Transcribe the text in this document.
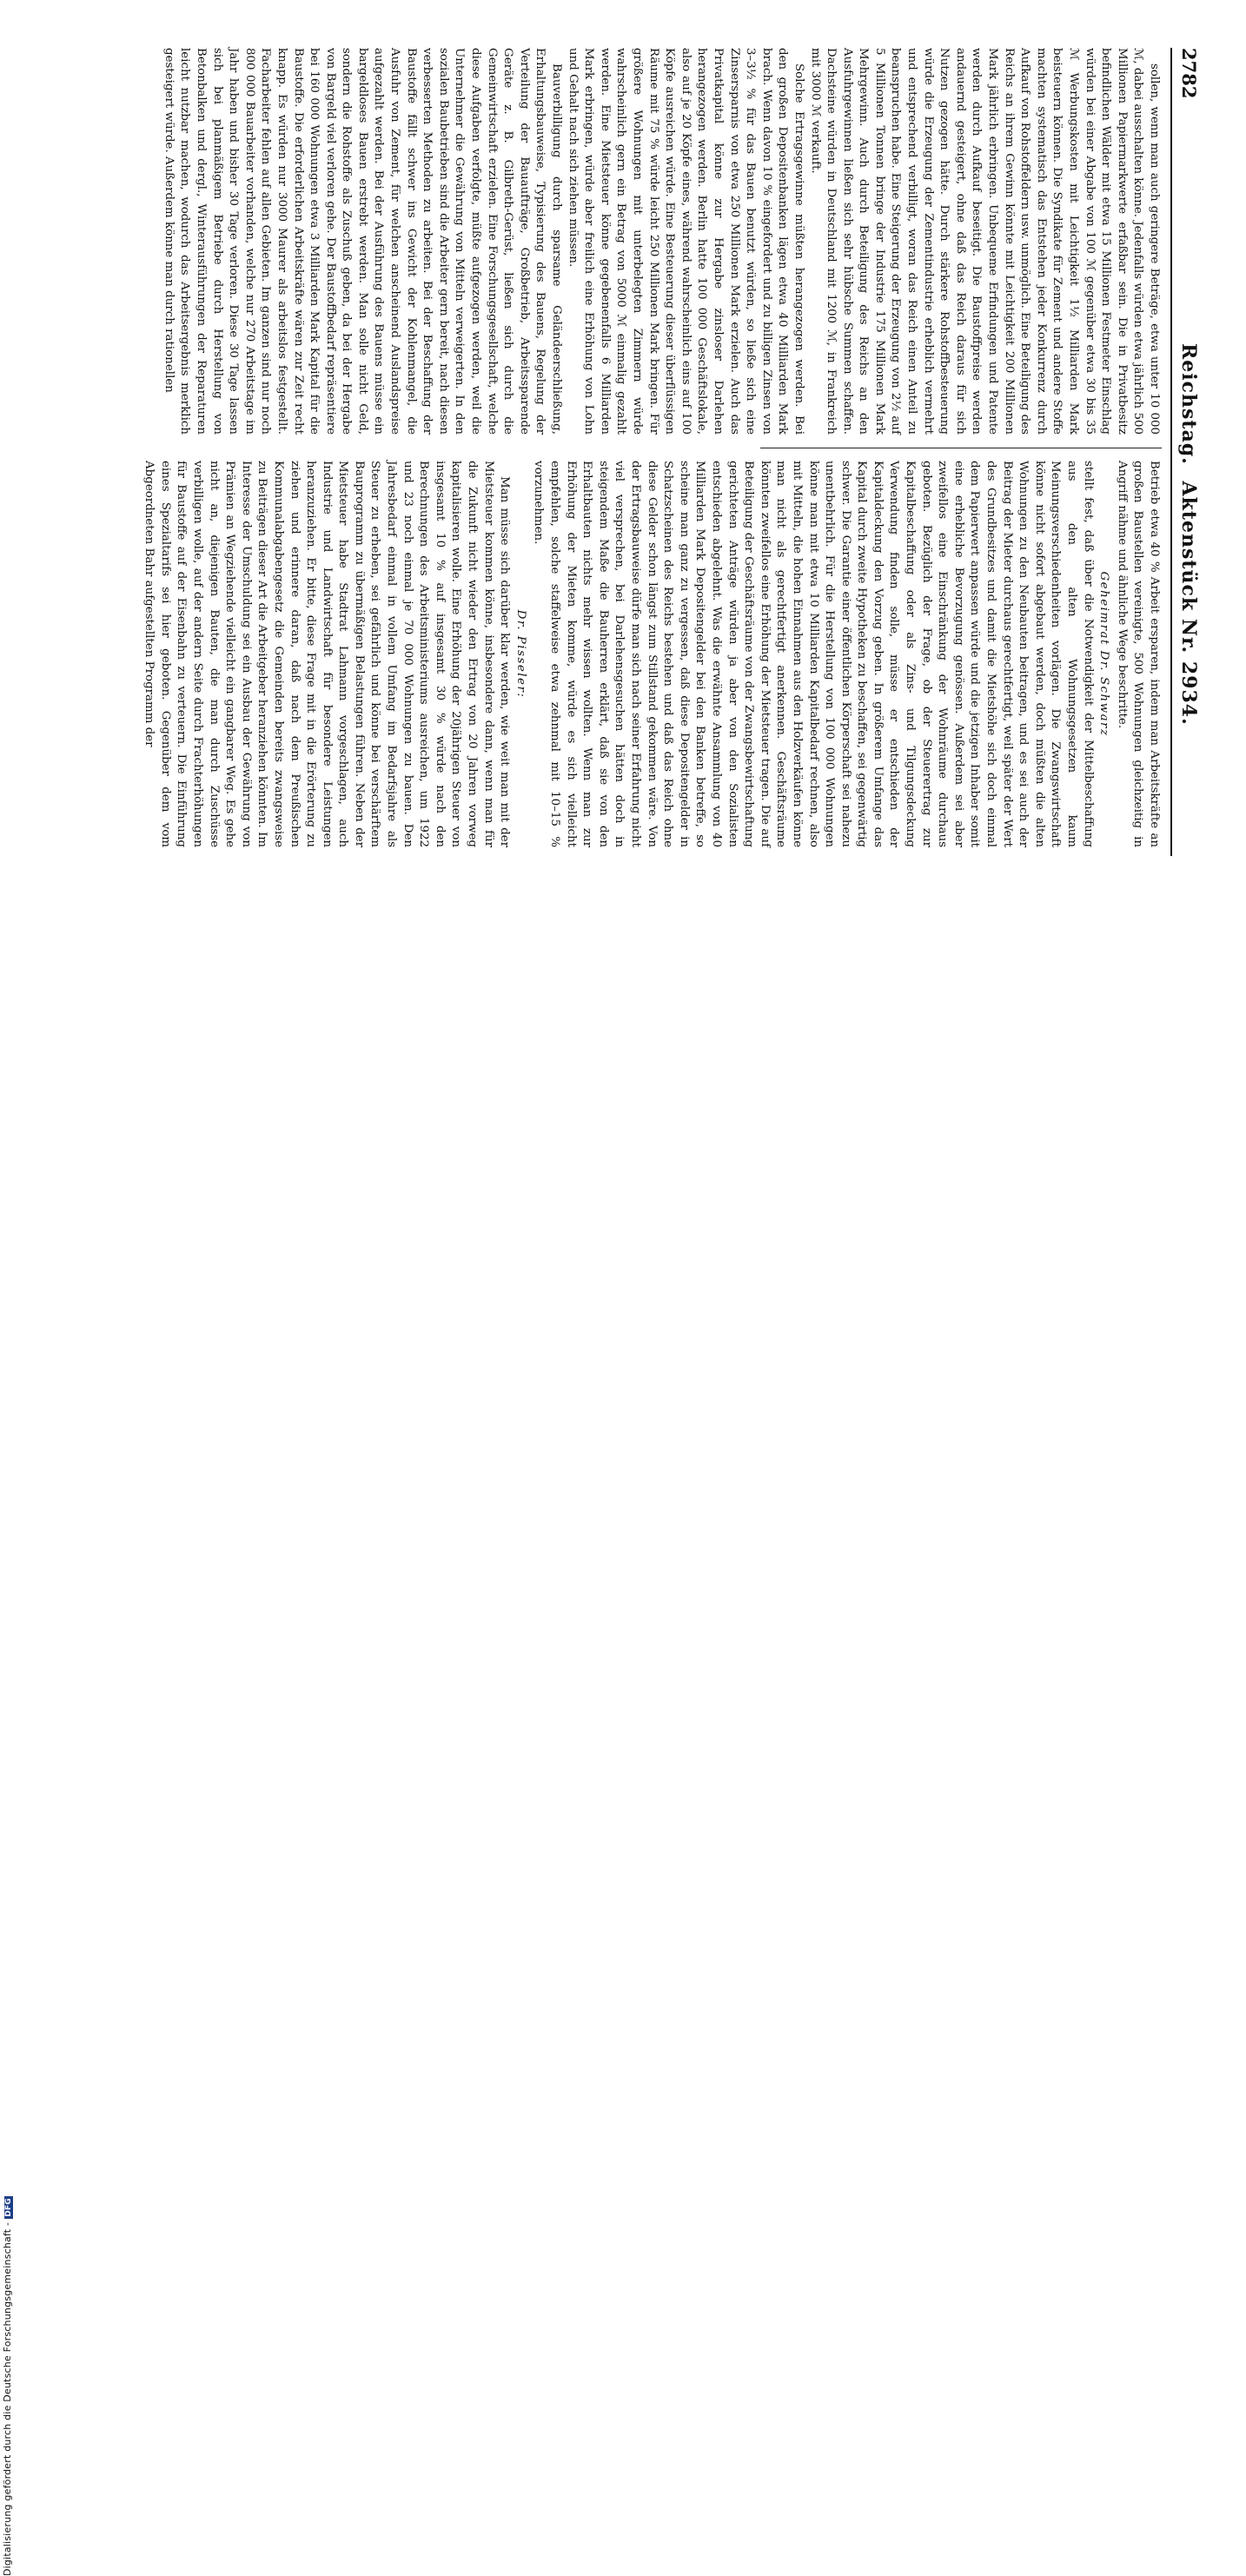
2782
Reichstag. Aktenstück Nr. 2934.

sollen, wenn man auch geringere Beträge, etwa unter 10 000 ℳ, dabei ausschalten könne. Jedenfalls würden etwa jährlich 500 Millionen Papiermarkwerte erfaßbar sein. Die in Privatbesitz befindlichen Wälder mit etwa 15 Millionen Festmeter Einschlag würden bei einer Abgabe von 100 ℳ gegenüber etwa 30 bis 35 ℳ Werbungskosten mit Leichtigkeit 1½ Milliarden Mark beisteuern können. Die Syndikate für Zement und andere Stoffe machten systematisch das Entstehen jeder Konkurrenz durch Aufkauf von Rohstoffeldern usw. unmöglich. Eine Beteiligung des Reichs an ihrem Gewinn könnte mit Leichtigkeit 200 Millionen Mark jährlich erbringen. Unbequeme Erfindungen und Patente werden durch Aufkauf beseitigt. Die Baustoffpreise werden andauernd gesteigert, ohne daß das Reich daraus für sich Nutzen gezogen hätte. Durch stärkere Rohstoffbesteuerung würde die Erzeugung der Zementindustrie erheblich vermehrt und entsprechend verbilligt, woran das Reich einen Anteil zu beanspruchen habe. Eine Steigerung der Erzeugung von 2½ auf 5 Millionen Tonnen bringe der Industrie 175 Millionen Mark Mehrgewinn. Auch durch Beteiligung des Reichs an den Ausfuhrgewinnen ließen sich sehr hübsche Summen schaffen. Dachsteine würden in Deutschland mit 1200 ℳ, in Frankreich mit 3000 ℳ verkauft.

Solche Ertragsgewinne müßten herangezogen werden. Bei den großen Depositenbanken lägen etwa 40 Milliarden Mark brach. Wenn davon 10 % eingefordert und zu billigen Zinsen von 3–3½ % für das Bauen benutzt würden, so ließe sich eine Zinsersparnis von etwa 250 Millionen Mark erzielen. Auch das Privatkapital könne zur Hergabe zinsloser Darlehen herangezogen werden. Berlin hatte 100 000 Geschäftslokale, also auf je 20 Köpfe eines, während wahrscheinlich eins auf 100 Köpfe ausreichen würde. Eine Besteuerung dieser überflüssigen Räume mit 75 % würde leicht 250 Millionen Mark bringen. Für größere Wohnungen mit unterbelegten Zimmern würde wahrscheinlich gern ein Betrag von 5000 ℳ einmalig gezahlt werden. Eine Mietsteuer könne gegebenenfalls 6 Milliarden Mark erbringen, würde aber freilich eine Erhöhung von Lohn und Gehalt nach sich ziehen müssen.

Bauverbilligung durch sparsame Geländeerschließung, Erhaltungsbauweise, Typisierung des Bauens, Regelung der Verteilung der Bauaufträge, Großbetrieb, Arbeitssparende Geräte z. B. Gilbreth-Gerüst, ließen sich durch die Gemeinwirtschaft erzielen. Eine Forschungsgesellschaft, welche diese Aufgaben verfolgte, müßte aufgezogen werden, weil die Unternehmer die Gewährung von Mitteln verweigerten. In den sozialen Baubetrieben sind die Arbeiter gern bereit, nach diesen verbesserten Methoden zu arbeiten. Bei der Beschaffung der Baustoffe fällt schwer ins Gewicht der Kohlenmangel, die Ausfuhr von Zement, für welchen anscheinend Auslandspreise aufgezahlt werden. Bei der Ausführung des Bauens müsse ein bargeldloses Bauen erstrebt werden. Man solle nicht Geld, sondern die Rohstoffe als Zuschuß geben, da bei der Hergabe von Bargeld viel verloren gehe. Der Baustoffbedarf repräsentiere bei 160 000 Wohnungen etwa 3 Milliarden Mark Kapital für die Baustoffe. Die erforderlichen Arbeitskräfte wären zur Zeit recht knapp. Es würden nur 3000 Maurer als arbeitslos festgestellt. Facharbeiter fehlen auf allen Gebieten. Im ganzen sind nur noch 800 000 Bauarbeiter vorhanden, welche nur 270 Arbeitstage im Jahr haben und bisher 30 Tage verloren. Diese 30 Tage lassen sich bei planmäßigem Betriebe durch Herstellung von Betonbalken und dergl., Winterausführungen der Reparaturen leicht nutzbar machen, wodurch das Arbeitsergebnis merklich gesteigert würde. Außerdem könne man durch rationellen

Betrieb etwa 40 % Arbeit ersparen, indem man Arbeitskräfte an großen Baustellen vereinigte, 500 Wohnungen gleichzeitig in Angriff nähme und ähnliche Wege beschritte.

Geheimrat Dr. Schwarz

stellt fest, daß über die Notwendigkeit der Mittelbeschaffung aus den alten Wohnungsgesetzen kaum Meinungsverschiedenheiten vorlägen. Die Zwangswirtschaft könne nicht sofort abgebaut werden, doch müßten die alten Wohnungen zu den Neubauten beitragen, und es sei auch der Beitrag der Mieter durchaus gerechtfertigt, weil später der Wert des Grundbesitzes und damit die Mietshöhe sich doch einmal dem Papierwert anpassen würde und die jetzigen Inhaber somit eine erhebliche Bevorzugung genössen. Außerdem sei aber zweifellos eine Einschränkung der Wohnräume durchaus geboten. Bezüglich der Frage, ob der Steuerertrag zur Kapitalbeschaffung oder als Zins- und Tilgungsdeckung Verwendung finden solle, müsse er entschieden der Kapitaldeckung den Vorzug geben. In größerem Umfange das Kapital durch zweite Hypotheken zu beschaffen, sei gegenwärtig schwer. Die Garantie einer öffentlichen Körperschaft sei nahezu unentbehrlich. Für die Herstellung von 100 000 Wohnungen könne man mit etwa 10 Milliarden Kapitalbedarf rechnen, also mit Mitteln, die hohen Einnahmen aus den Holzverkäufen könne man nicht als gerechtfertigt anerkennen. Geschäftsräume könnten zweifellos eine Erhöhung der Mietsteuer tragen. Die auf Beteiligung der Geschäftsräume von der Zwangsbewirtschaftung gerichteten Anträge würden ja aber von den Sozialisten entschieden abgelehnt. Was die erwähnte Ansammlung von 40 Milliarden Mark Depositengelder bei den Banken betreffe, so scheine man ganz zu vergessen, daß diese Depositengelder in Schatzscheinen des Reichs bestehen und daß das Reich ohne diese Gelder schon längst zum Stillstand gekommen wäre. Von der Ertragsbauweise dürfe man sich nach seiner Erfahrung nicht viel versprechen, bei Darlehensgesuchen hätten doch in steigendem Maße die Bauherren erklärt, daß sie von den Erhaltbauten nichts mehr wissen wollten. Wenn man zur Erhöhung der Mieten komme, würde es sich vielleicht empfehlen, solche staffelweise etwa zehnmal mit 10–15 % vorzunehmen.

Dr. Pisseler:

Man müsse sich darüber klar werden, wie weit man mit der Mietsteuer kommen könne, insbesondere dann, wenn man für die Zukunft nicht wieder den Ertrag von 20 Jahren vorweg kapitalisieren wolle. Eine Erhöhung der 20jährigen Steuer von insgesamt 10 % auf insgesamt 30 % würde nach den Berechnungen des Arbeitsministeriums ausreichen, um 1922 und 23 noch einmal je 70 000 Wohnungen zu bauen. Den Jahresbedarf einmal in vollem Umfang im Bedarfsjahre als Steuer zu erheben, sei gefährlich und könne bei verschärftem Bauprogramm zu übermäßigen Belastungen führen. Neben der Mietsteuer habe Stadtrat Lahmann vorgeschlagen, auch Industrie und Landwirtschaft für besondere Leistungen heranzuziehen. Er bitte, diese Frage mit in die Erörterung zu ziehen und erinnere daran, daß nach dem Preußischen Kommunalabgabengesetz die Gemeinden bereits zwangsweise zu Beiträgen dieser Art die Arbeitgeber heranziehen könnten. Im Interesse der Umschuldung sei ein Ausbau der Gewährung von Prämien an Wegziehende vielleicht ein gangbarer Weg. Es gehe nicht an, diejenigen Bauten, die man durch Zuschüsse verbilligen wolle, auf der andern Seite durch Frachterhöhungen für Baustoffe auf der Eisenbahn zu verteuern. Die Einführung eines Spezialtarifs sei hier geboten. Gegenüber dem vom Abgeordneten Bahr aufgestellten Programm der

Digitalisierung gefördert durch die Deutsche Forschungsgemeinschaft -DFG
